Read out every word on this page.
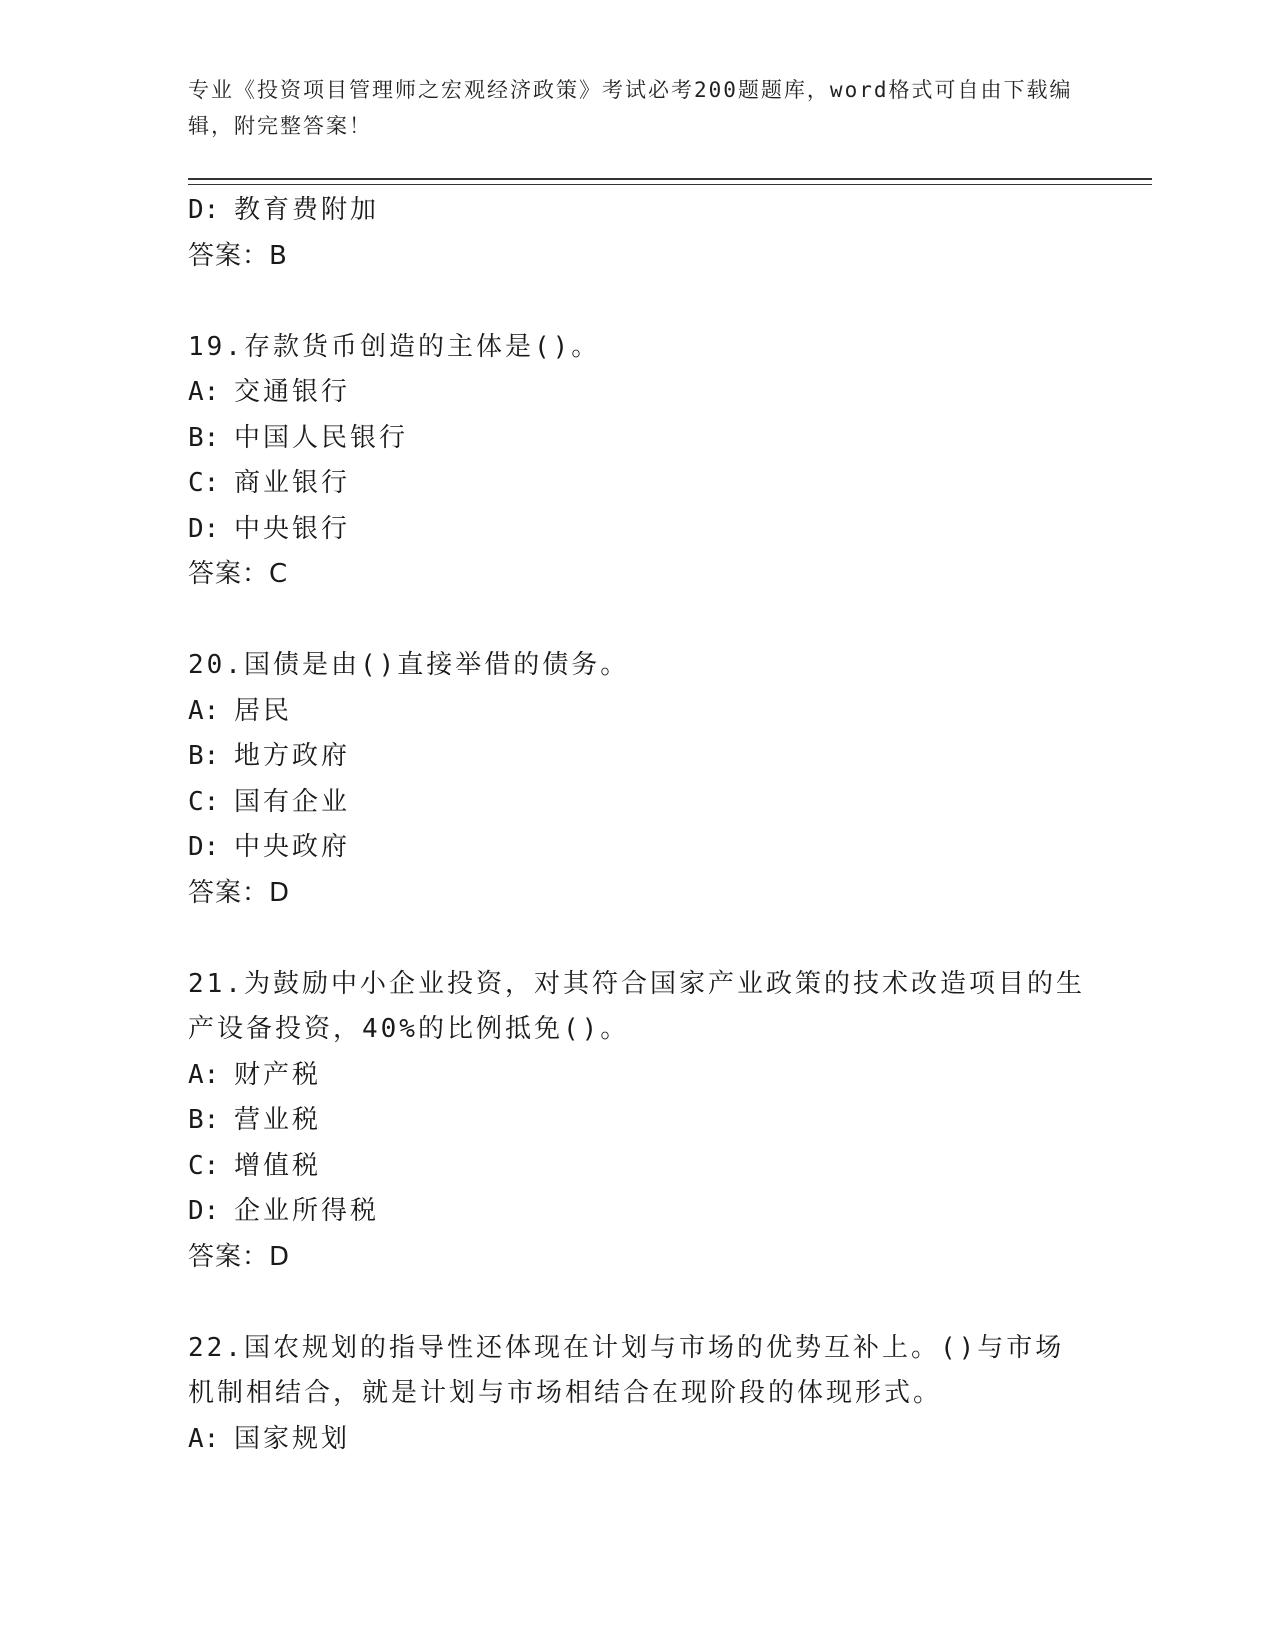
专业《投资项目管理师之宏观经济政策》考试必考200题题库，word格式可自由下载编辑，附完整答案！
D: 教育费附加
答案：B
19.存款货币创造的主体是()。
A: 交通银行
B: 中国人民银行
C: 商业银行
D: 中央银行
答案：C
20.国债是由()直接举借的债务。
A: 居民
B: 地方政府
C: 国有企业
D: 中央政府
答案：D
21.为鼓励中小企业投资，对其符合国家产业政策的技术改造项目的生产设备投资，40%的比例抵免()。
A: 财产税
B: 营业税
C: 增值税
D: 企业所得税
答案：D
22.国农规划的指导性还体现在计划与市场的优势互补上。()与市场机制相结合，就是计划与市场相结合在现阶段的体现形式。
A: 国家规划
